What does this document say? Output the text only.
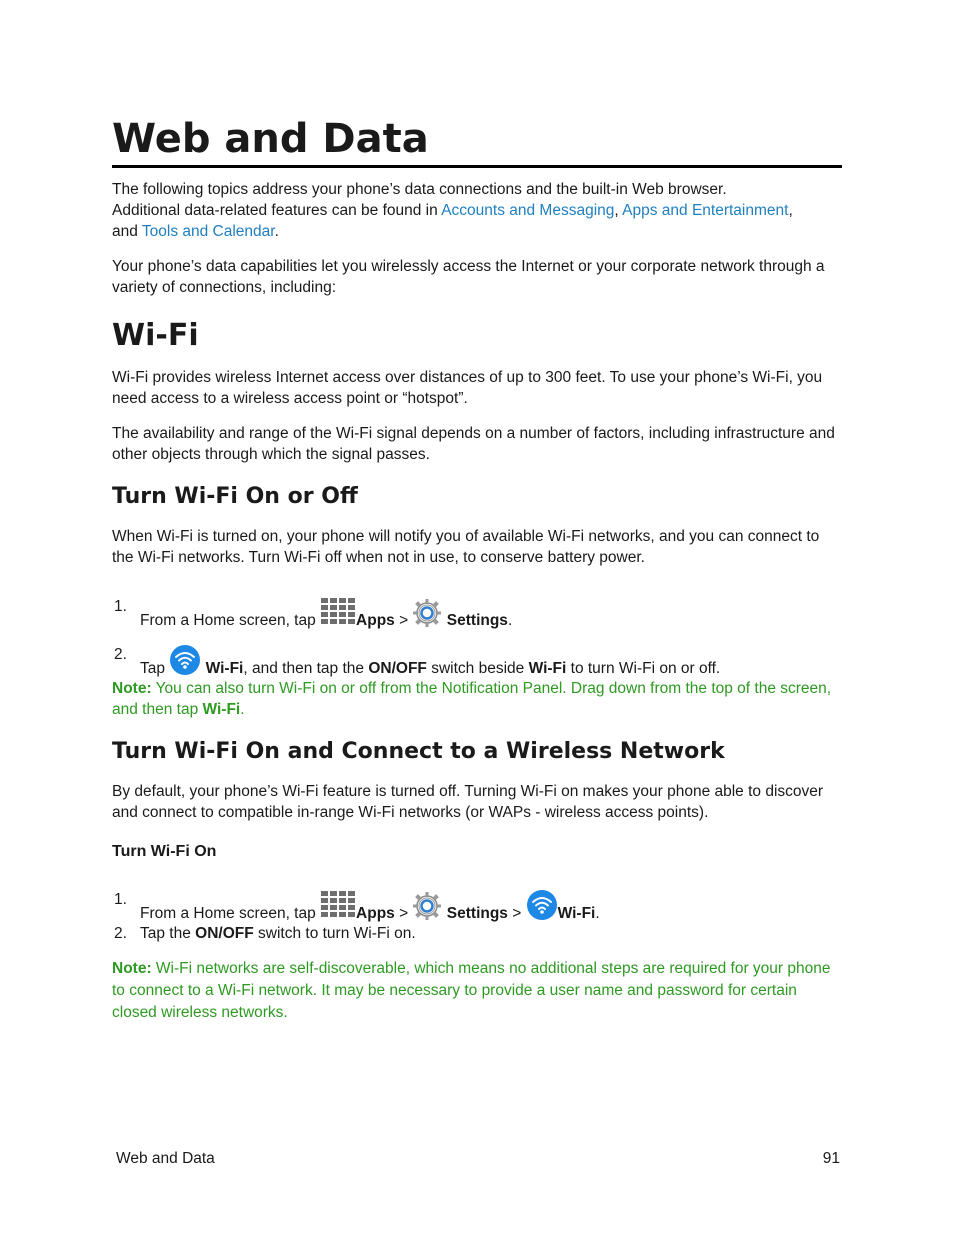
Web and Data
The following topics address your phone’s data connections and the built-in Web browser.
Additional data-related features can be found in Accounts and Messaging, Apps and Entertainment,
and Tools and Calendar.

Your phone’s data capabilities let you wirelessly access the Internet or your corporate network through a variety of connections, including:

Wi-Fi

Wi-Fi provides wireless Internet access over distances of up to 300 feet. To use your phone’s Wi-Fi, you need access to a wireless access point or “hotspot”.

The availability and range of the Wi-Fi signal depends on a number of factors, including infrastructure and other objects through which the signal passes.

Turn Wi-Fi On or Off

When Wi-Fi is turned on, your phone will notify you of available Wi-Fi networks, and you can connect to the Wi-Fi networks. Turn Wi-Fi off when not in use, to conserve battery power.

1.
From a Home screen, tap Apps >  Settings.
2.
Tap  Wi-Fi, and then tap the ON/OFF switch beside Wi-Fi to turn Wi-Fi on or off.
Note: You can also turn Wi-Fi on or off from the Notification Panel. Drag down from the top of the screen, and then tap Wi-Fi.
Turn Wi-Fi On and Connect to a Wireless Network

By default, your phone’s Wi-Fi feature is turned off. Turning Wi-Fi on makes your phone able to discover and connect to compatible in-range Wi-Fi networks (or WAPs - wireless access points).

Turn Wi-Fi On
1.
From a Home screen, tap Apps >  Settings > Wi-Fi.
2. Tap the ON/OFF switch to turn Wi-Fi on.
Note: Wi-Fi networks are self-discoverable, which means no additional steps are required for your phone to connect to a Wi-Fi network. It may be necessary to provide a user name and password for certain closed wireless networks.
Web and Data	91
